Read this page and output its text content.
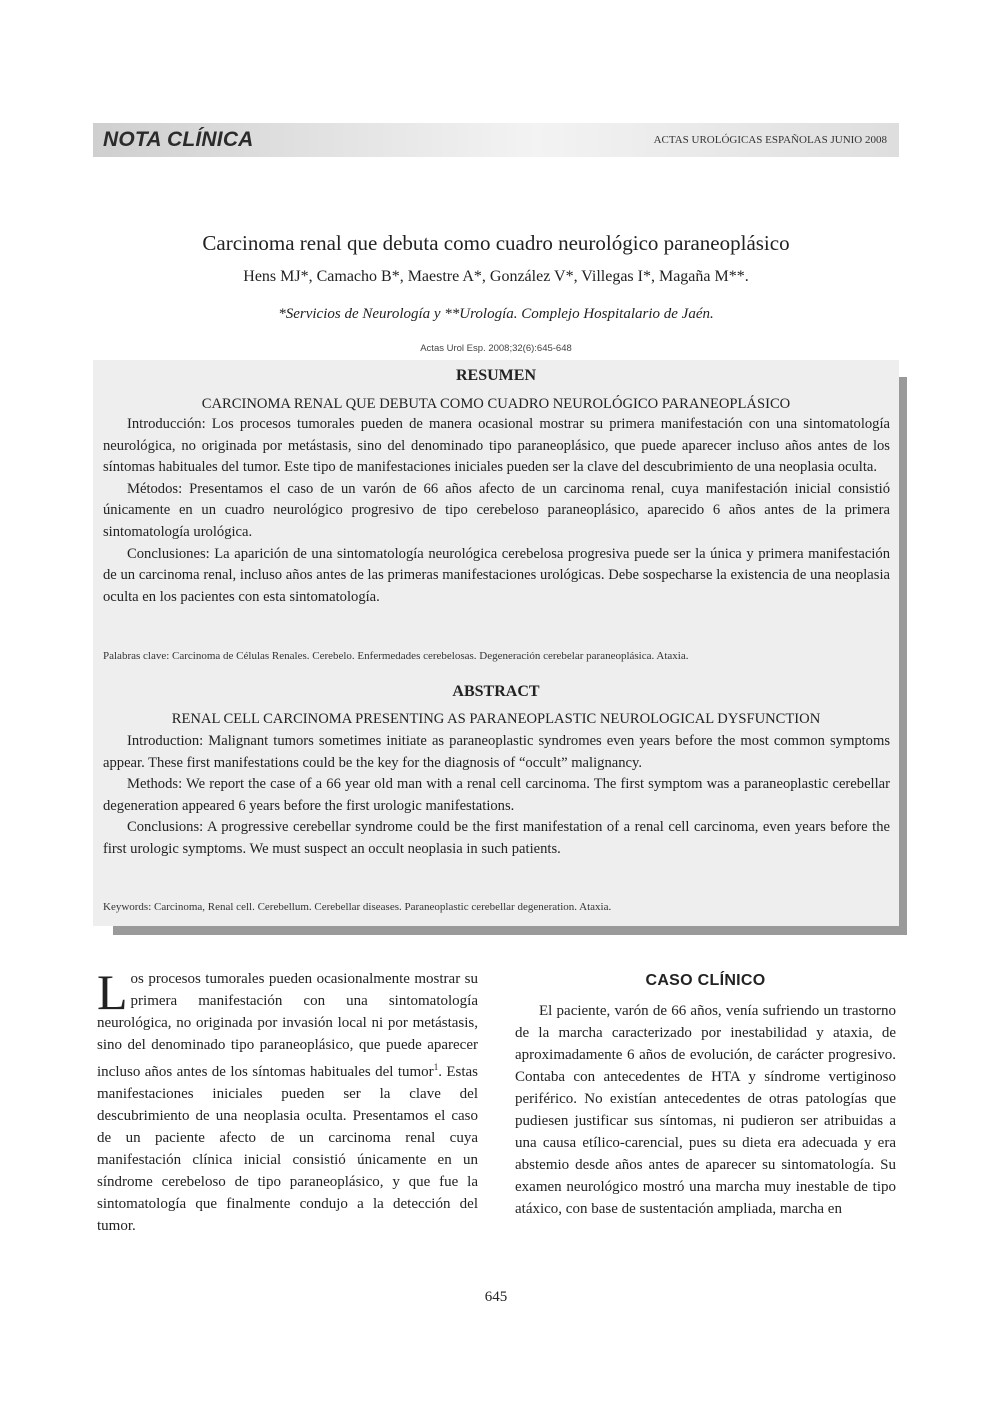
NOTA CLÍNICA	ACTAS UROLÓGICAS ESPAÑOLAS JUNIO 2008
Carcinoma renal que debuta como cuadro neurológico paraneoplásico
Hens MJ*, Camacho B*, Maestre A*, González V*, Villegas I*, Magaña M**.
*Servicios de Neurología y **Urología. Complejo Hospitalario de Jaén.
Actas Urol Esp. 2008;32(6):645-648
RESUMEN
CARCINOMA RENAL QUE DEBUTA COMO CUADRO NEUROLÓGICO PARANEOPLÁSICO

Introducción: Los procesos tumorales pueden de manera ocasional mostrar su primera manifestación con una sintomatología neurológica, no originada por metástasis, sino del denominado tipo paraneoplásico, que puede aparecer incluso años antes de los síntomas habituales del tumor. Este tipo de manifestaciones iniciales pueden ser la clave del descubrimiento de una neoplasia oculta.

Métodos: Presentamos el caso de un varón de 66 años afecto de un carcinoma renal, cuya manifestación inicial consistió únicamente en un cuadro neurológico progresivo de tipo cerebeloso paraneoplásico, aparecido 6 años antes de la primera sintomatología urológica.

Conclusiones: La aparición de una sintomatología neurológica cerebelosa progresiva puede ser la única y primera manifestación de un carcinoma renal, incluso años antes de las primeras manifestaciones urológicas. Debe sospecharse la existencia de una neoplasia oculta en los pacientes con esta sintomatología.

Palabras clave: Carcinoma de Células Renales. Cerebelo. Enfermedades cerebelosas. Degeneración cerebelar paraneoplásica. Ataxia.
ABSTRACT
RENAL CELL CARCINOMA PRESENTING AS PARANEOPLASTIC NEUROLOGICAL DYSFUNCTION

Introduction: Malignant tumors sometimes initiate as paraneoplastic syndromes even years before the most common symptoms appear. These first manifestations could be the key for the diagnosis of “occult” malignancy.

Methods: We report the case of a 66 year old man with a renal cell carcinoma. The first symptom was a paraneoplastic cerebellar degeneration appeared 6 years before the first urologic manifestations.

Conclusions: A progressive cerebellar syndrome could be the first manifestation of a renal cell carcinoma, even years before the first urologic symptoms. We must suspect an occult neoplasia in such patients.

Keywords: Carcinoma, Renal cell. Cerebellum. Cerebellar diseases. Paraneoplastic cerebellar degeneration. Ataxia.

Los procesos tumorales pueden ocasionalmente mostrar su primera manifestación con una sintomatología neurológica, no originada por invasión local ni por metástasis, sino del denominado tipo paraneoplásico, que puede aparecer incluso años antes de los síntomas habituales del tumor$^1$. Estas manifestaciones iniciales pueden ser la clave del descubrimiento de una neoplasia oculta. Presentamos el caso de un paciente afecto de un carcinoma renal cuya manifestación clínica inicial consistió únicamente en un síndrome cerebeloso de tipo paraneoplásico, y que fue la sintomatología que finalmente condujo a la detección del tumor.

CASO CLÍNICO

El paciente, varón de 66 años, venía sufriendo un trastorno de la marcha caracterizado por inestabilidad y ataxia, de aproximadamente 6 años de evolución, de carácter progresivo. Contaba con antecedentes de HTA y síndrome vertiginoso periférico. No existían antecedentes de otras patologías que pudiesen justificar sus síntomas, ni pudieron ser atribuidas a una causa etílico-carencial, pues su dieta era adecuada y era abstemio desde años antes de aparecer su sintomatología. Su examen neurológico mostró una marcha muy inestable de tipo atáxico, con base de sustentación ampliada, marcha en

645
